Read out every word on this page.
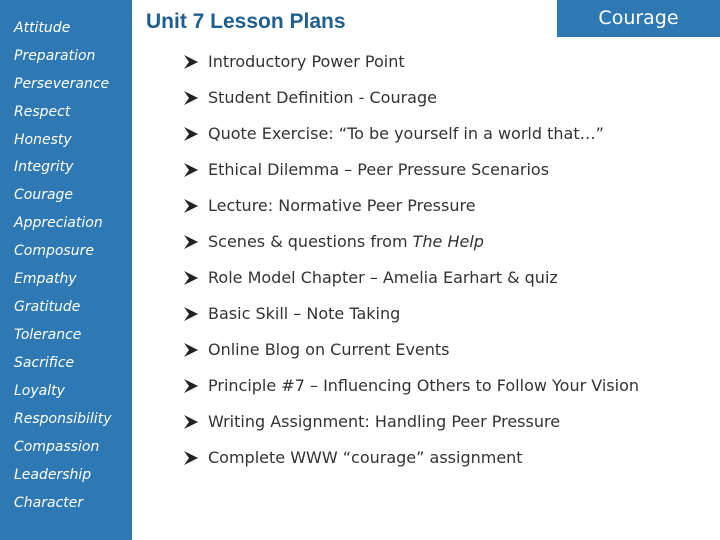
Attitude
Preparation
Perseverance
Respect
Honesty
Integrity
Courage
Appreciation
Composure
Empathy
Gratitude
Tolerance
Sacrifice
Loyalty
Responsibility
Compassion
Leadership
Character
Unit 7 Lesson Plans	Courage
Introductory Power Point
Student Definition - Courage
Quote Exercise: “To be yourself in a world that…”
Ethical Dilemma – Peer Pressure Scenarios
Lecture: Normative Peer Pressure
Scenes & questions from The Help
Role Model Chapter – Amelia Earhart & quiz
Basic Skill – Note Taking
Online Blog on Current Events
Principle #7 – Influencing Others to Follow Your Vision
Writing Assignment: Handling Peer Pressure
Complete WWW “courage” assignment
